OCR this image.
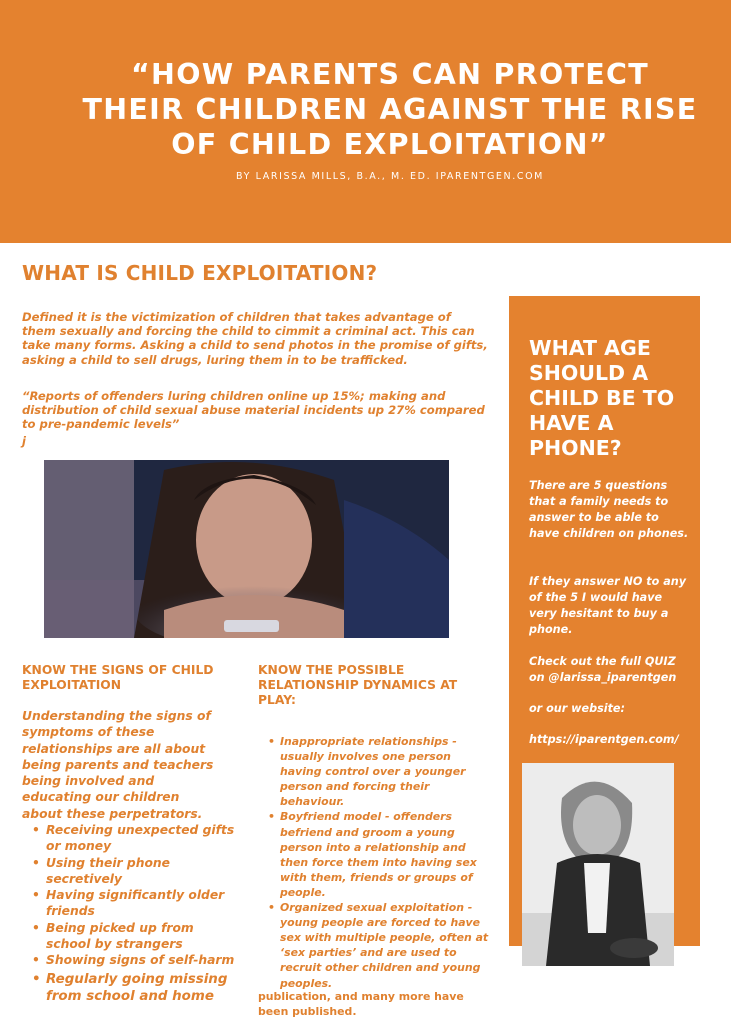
“HOW PARENTS CAN PROTECT
THEIR CHILDREN AGAINST THE RISE
OF CHILD EXPLOITATION”
BY LARISSA MILLS, B.A., M. ED. IPARENTGEN.COM
WHAT IS CHILD EXPLOITATION?

Defined it is the victimization of children that takes advantage of them sexually and forcing the child to cimmit a criminal act. This can take many forms. Asking a child to send photos in the promise of gifts, asking a child to sell drugs, luring them in to be trafficked.

“Reports of offenders luring children online up 15%; making and distribution of child sexual abuse material incidents up 27% compared to pre-pandemic levels”

j
WHAT AGE SHOULD A CHILD BE TO HAVE A PHONE?

There are 5 questions that a family needs to answer to be able to have children on phones.

If they answer NO to any of the 5 I would have very hesitant to buy a phone.

Check out the full QUIZ on @larissa_iparentgen

or our website:

https://iparentgen.com/

KNOW THE SIGNS OF CHILD EXPLOITATION

Understanding the signs of symptoms of these relationships are all about being parents and teachers being involved and educating our children about these perpetrators.

• Receiving unexpected gifts or money
• Using their phone secretively
• Having significantly older friends
• Being picked up from school by strangers
• Showing signs of self-harm
• Regularly going missing from school and home
KNOW THE POSSIBLE RELATIONSHIP DYNAMICS AT PLAY:
• Inappropriate relationships - usually involves one person having control over a younger person and forcing their behaviour.
• Boyfriend model - offenders befriend and groom a young person into a relationship and then force them into having sex with them, friends or groups of people.
• Organized sexual exploitation - young people are forced to have sex with multiple people, often at ‘sex parties’ and are used to recruit other children and young peoples.

publication, and many more have been published.
